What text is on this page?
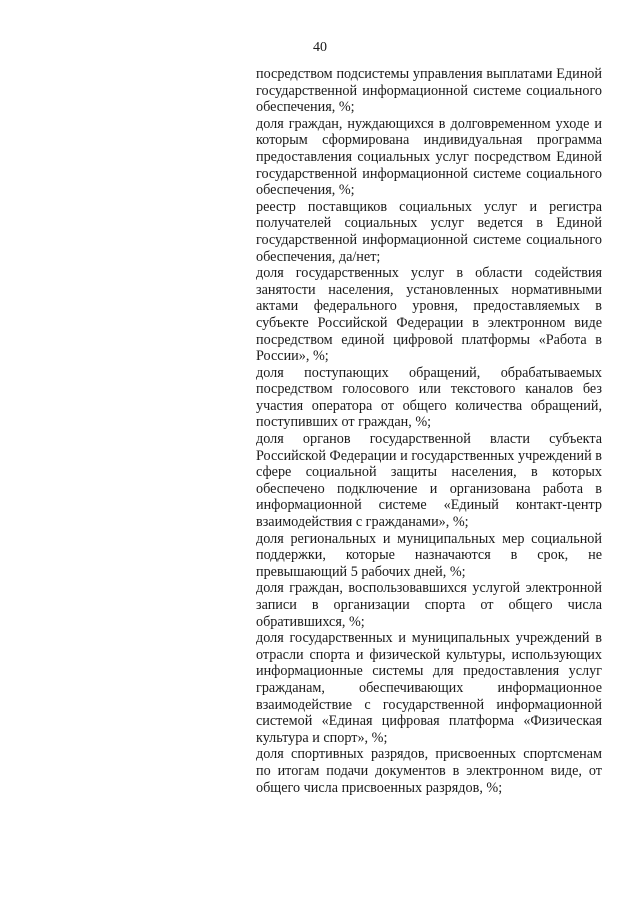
40

посредством подсистемы управления выплатами Единой государственной информационной системе социального обеспечения, %;

доля граждан, нуждающихся в долговременном уходе и которым сформирована индивидуальная программа предоставления социальных услуг посредством Единой государственной информационной системе социального обеспечения, %;

реестр поставщиков социальных услуг и регистра получателей социальных услуг ведется в Единой государственной информационной системе социального обеспечения, да/нет;

доля государственных услуг в области содействия занятости населения, установленных нормативными актами федерального уровня, предоставляемых в субъекте Российской Федерации в электронном виде посредством единой цифровой платформы «Работа в России», %;

доля поступающих обращений, обрабатываемых посредством голосового или текстового каналов без участия оператора от общего количества обращений, поступивших от граждан, %;

доля органов государственной власти субъекта Российской Федерации и государственных учреждений в сфере социальной защиты населения, в которых обеспечено подключение и организована работа в информационной системе «Единый контакт-центр взаимодействия с гражданами», %;

доля региональных и муниципальных мер социальной поддержки, которые назначаются в срок, не превышающий 5 рабочих дней, %;

доля граждан, воспользовавшихся услугой электронной записи в организации спорта от общего числа обратившихся, %;

доля государственных и муниципальных учреждений в отрасли спорта и физической культуры, использующих информационные системы для предоставления услуг гражданам, обеспечивающих информационное взаимодействие с государственной информационной системой «Единая цифровая платформа «Физическая культура и спорт», %;

доля спортивных разрядов, присвоенных спортсменам по итогам подачи документов в электронном виде, от общего числа присвоенных разрядов, %;
